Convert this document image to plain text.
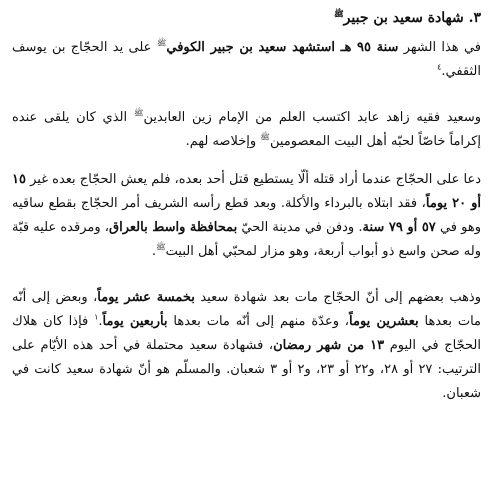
٣. شهادة سعيد بن جبير$^ﷺ$

في هذا الشهر سنة ٩٥ هـ استشهد سعيد بن جبير الكوفي$^ﷺ$ على يد الحجّاج بن يوسف الثقفي.$^٤$

وسعيد فقيه زاهد عابد اكتسب العلم من الإمام زين العابدين$^ﷺ$ الذي كان يلقى عنده إكراماً خاصّاً لحبّه أهل البيت المعصومين$^ﷺ$ وإخلاصه لهم.

دعا على الحجّاج عندما أراد قتله ألّا يستطيع قتل أحد بعده، فلم يعش الحجّاج بعده غير ١٥ أو ٢٠ يوماً، فقد ابتلاه بالبرداء والأكلة. وبعد قطع رأسه الشريف أمر الحجّاج بقطع ساقيه وهو في ٥٧ أو ٧٩ سنة. ودفن في مدينة الحيّ بمحافظة واسط بالعراق، ومرقده عليه قبّة وله صحن واسع ذو أبواب أربعة، وهو مزار لمحبّي أهل البيت$^ﷺ$.

وذهب بعضهم إلى أنّ الحجّاج مات بعد شهادة سعيد بخمسة عشر يوماً، وبعض إلى أنّه مات بعدها بعشرين يوماً، وعدّة منهم إلى أنّه مات بعدها بأربعين يوماً.$^١$ فإذا كان هلاك الحجّاج في اليوم ١٣ من شهر رمضان، فشهادة سعيد محتملة في أحد هذه الأيّام على الترتيب: ٢٧ أو ٢٨، و٢٢ أو ٢٣، و٢ أو ٣ شعبان. والمسلّم هو أنّ شهادة سعيد كانت في شعبان.
